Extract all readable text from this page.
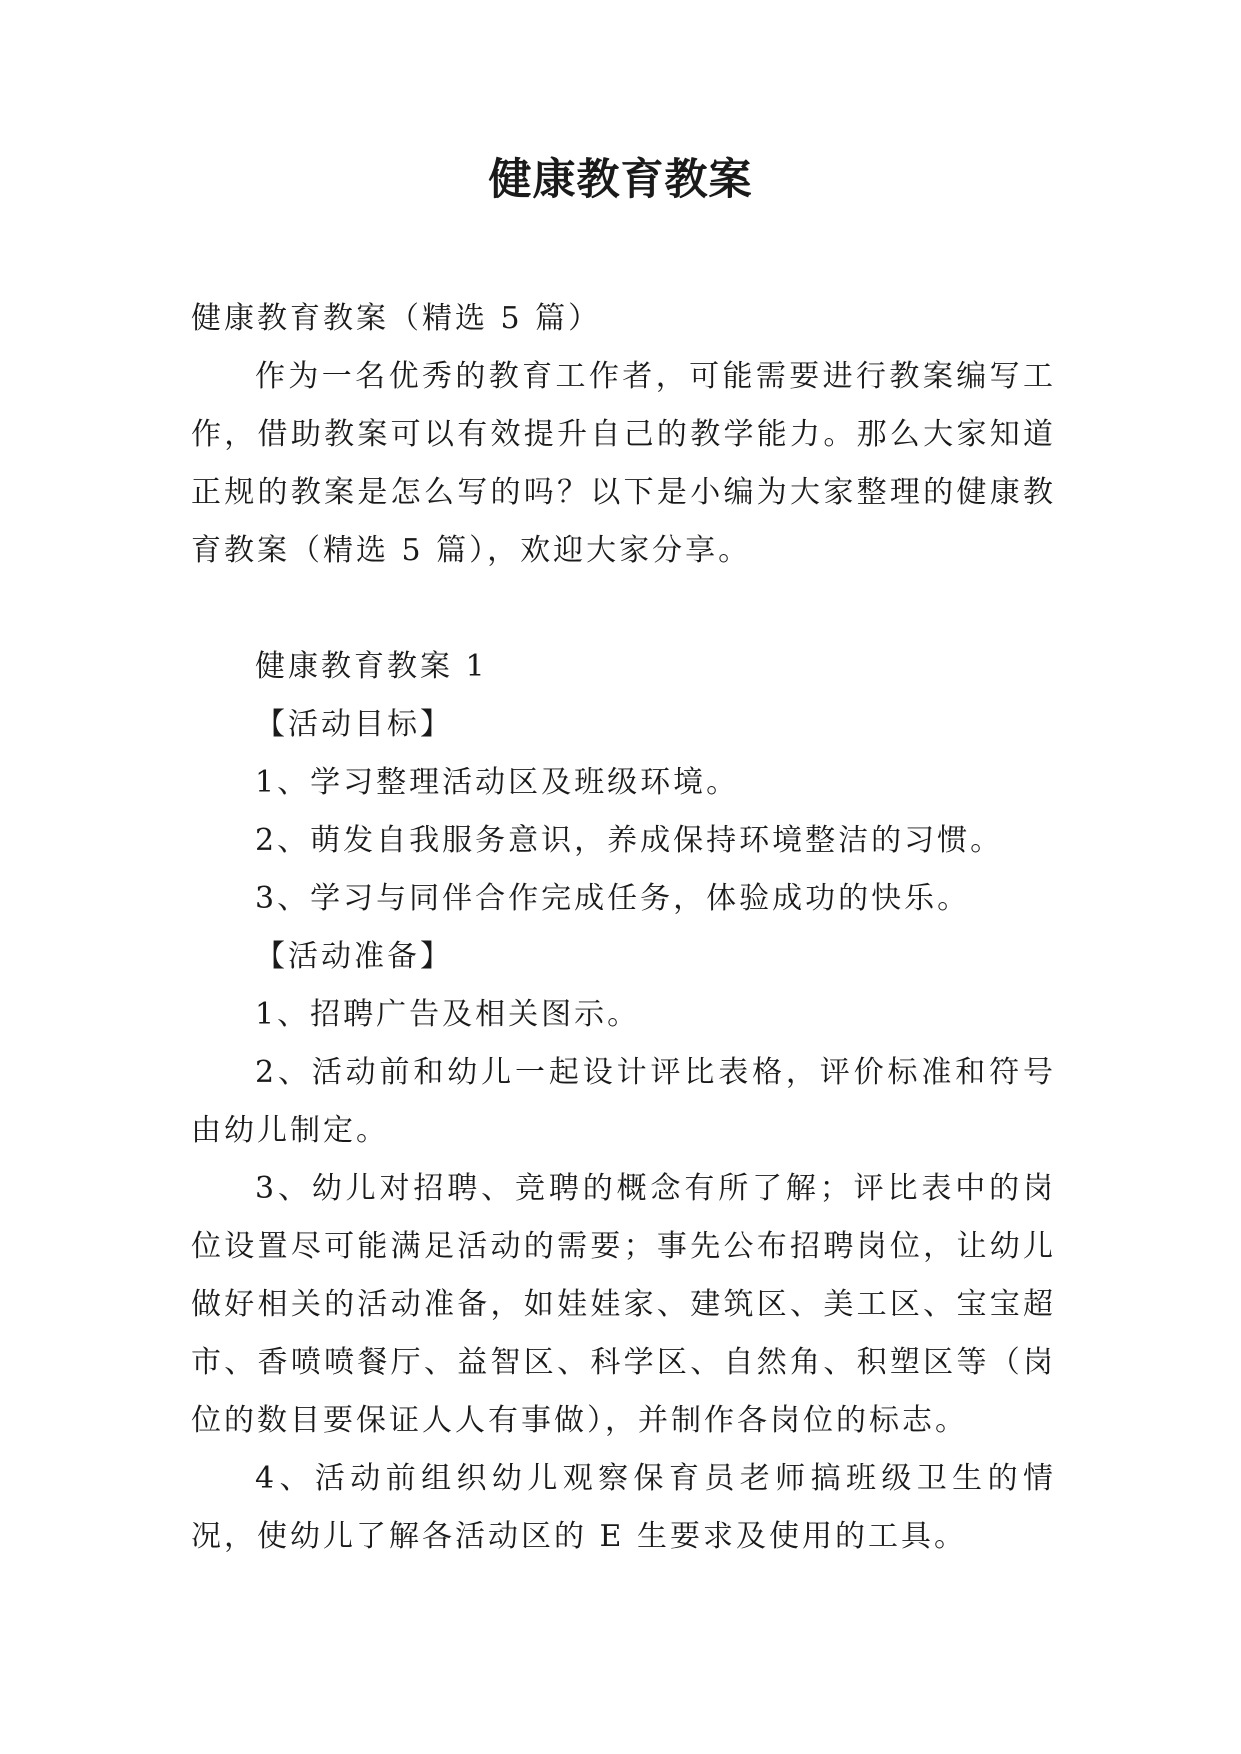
健康教育教案

健康教育教案（精选 5 篇）

作为一名优秀的教育工作者，可能需要进行教案编写工作，借助教案可以有效提升自己的教学能力。那么大家知道正规的教案是怎么写的吗？以下是小编为大家整理的健康教育教案（精选 5 篇），欢迎大家分享。

健康教育教案 1

【活动目标】

1、学习整理活动区及班级环境。

2、萌发自我服务意识，养成保持环境整洁的习惯。

3、学习与同伴合作完成任务，体验成功的快乐。

【活动准备】

1、招聘广告及相关图示。

2、活动前和幼儿一起设计评比表格，评价标准和符号由幼儿制定。

3、幼儿对招聘、竞聘的概念有所了解；评比表中的岗位设置尽可能满足活动的需要；事先公布招聘岗位，让幼儿做好相关的活动准备，如娃娃家、建筑区、美工区、宝宝超市、香喷喷餐厅、益智区、科学区、自然角、积塑区等（岗位的数目要保证人人有事做），并制作各岗位的标志。

4、活动前组织幼儿观察保育员老师搞班级卫生的情况，使幼儿了解各活动区的 E 生要求及使用的工具。
